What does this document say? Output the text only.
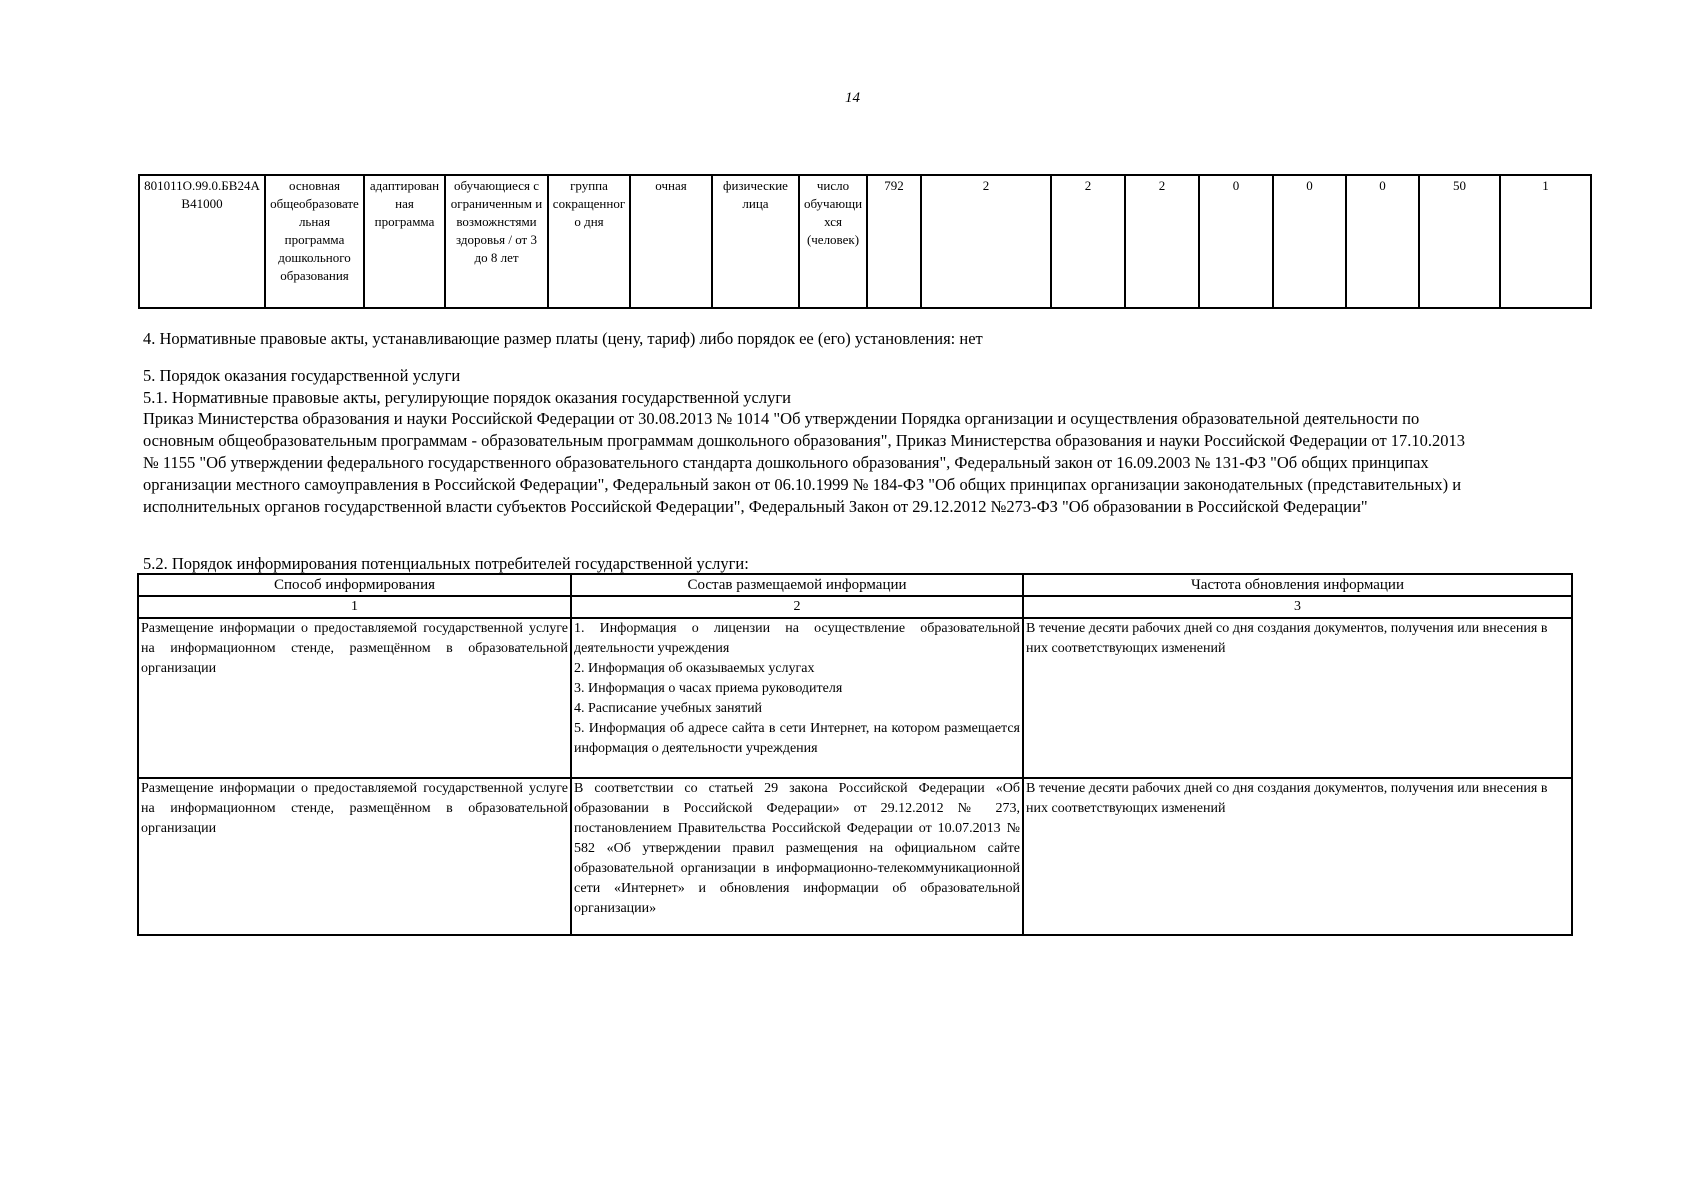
14
801011О.99.0.БВ24АВ41000	основная общеобразовательная программа дошкольного образования	адаптированная программа	обучающиеся с ограниченным и возможнстями здоровья / от 3 до 8 лет	группа сокращенного дня	очная	физические лица	число обучающихся (человек)	792	2	2	2	0	0	0	50	1
4. Нормативные правовые акты, устанавливающие размер платы (цену, тариф) либо порядок ее (его) установления: нет
5. Порядок оказания государственной услуги
5.1. Нормативные правовые акты, регулирующие порядок оказания государственной услуги
Приказ Министерства образования и науки Российской Федерации от 30.08.2013 № 1014 "Об утверждении Порядка организации и осуществления образовательной деятельности по
основным общеобразовательным программам - образовательным программам дошкольного образования", Приказ Министерства образования и науки Российской Федерации от 17.10.2013
№ 1155 "Об утверждении федерального государственного образовательного стандарта дошкольного образования", Федеральный закон от 16.09.2003 № 131-ФЗ "Об общих принципах
организации местного самоуправления в Российской Федерации", Федеральный закон от 06.10.1999 № 184-ФЗ "Об общих принципах организации законодательных (представительных) и
исполнительных органов государственной власти субъектов Российской Федерации", Федеральный Закон от 29.12.2012 №273-ФЗ "Об образовании в Российской Федерации"
5.2. Порядок информирования потенциальных потребителей государственной услуги:
Способ информирования	Состав размещаемой информации	Частота обновления информации
1	2	3
Размещение информации о предоставляемой государственной услуге на информационном стенде, размещённом в образовательной организации	1. Информация о лицензии на осуществление образовательной деятельности учреждения
2. Информация об оказываемых услугах
3. Информация о часах приема руководителя
4. Расписание учебных занятий
5. Информация об адресе сайта в сети Интернет, на котором размещается информация о деятельности учреждения	В течение десяти рабочих дней со дня создания документов, получения или внесения в них соответствующих изменений
Размещение информации о предоставляемой государственной услуге на информационном стенде, размещённом в образовательной организации	В соответствии со статьей 29 закона Российской Федерации «Об образовании в Российской Федерации» от 29.12.2012 № 273, постановлением Правительства Российской Федерации от 10.07.2013 № 582 «Об утверждении правил размещения на официальном сайте образовательной организации в информационно-телекоммуникационной сети «Интернет» и обновления информации об образовательной организации»	В течение десяти рабочих дней со дня создания документов, получения или внесения в них соответствующих изменений
